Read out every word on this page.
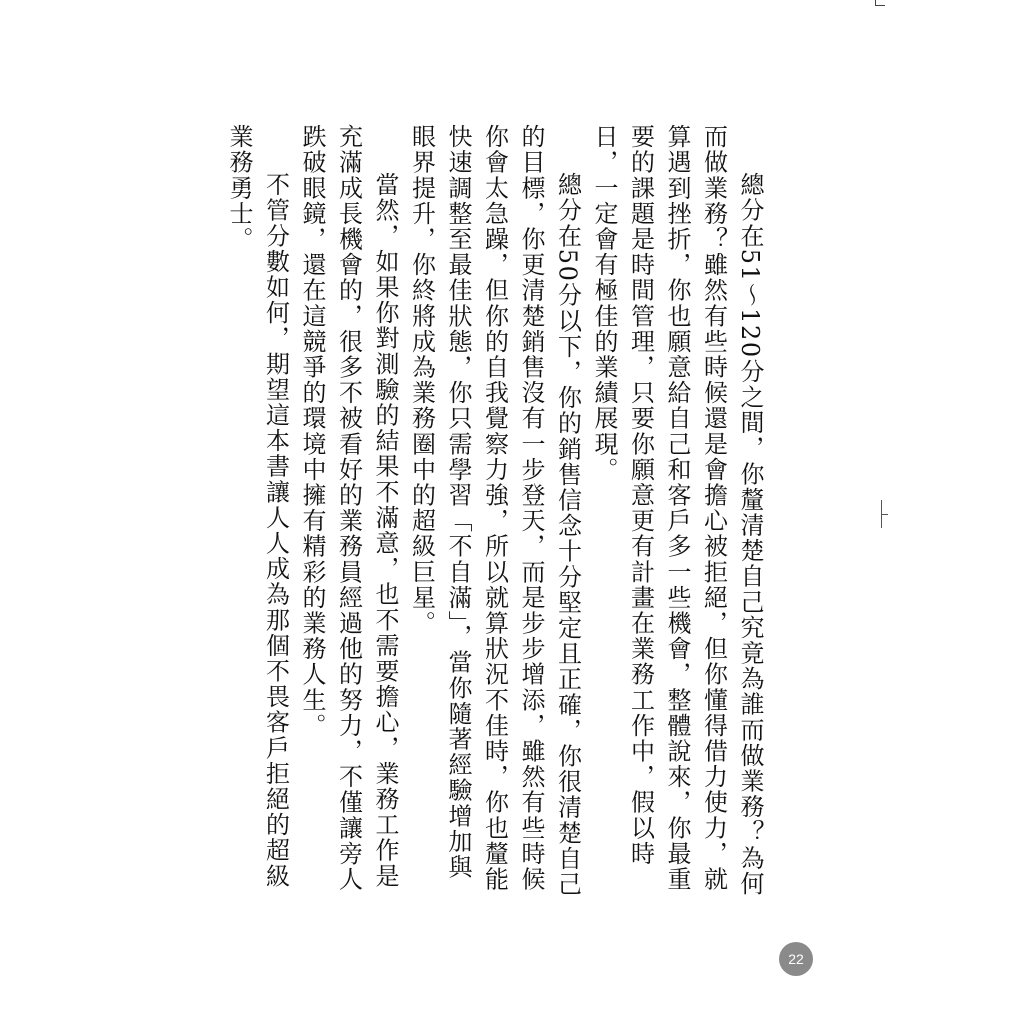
總分在51～120分之間，你釐清楚自己究竟為誰而做業務？為何而做業務？雖然有些時候還是會擔心被拒絕，但你懂得借力使力，就算遇到挫折，你也願意給自己和客戶多一些機會，整體說來，你最重要的課題是時間管理，只要你願意更有計畫在業務工作中，假以時日，一定會有極佳的業績展現。

總分在50分以下，你的銷售信念十分堅定且正確，你很清楚自己的目標，你更清楚銷售沒有一步登天，而是步步增添，雖然有些時候你會太急躁，但你的自我覺察力強，所以就算狀況不佳時，你也釐能快速調整至最佳狀態，你只需學習「不自滿」，當你隨著經驗增加與眼界提升，你終將成為業務圈中的超級巨星。

當然，如果你對測驗的結果不滿意，也不需要擔心，業務工作是充滿成長機會的，很多不被看好的業務員經過他的努力，不僅讓旁人跌破眼鏡，還在這競爭的環境中擁有精彩的業務人生。

不管分數如何，期望這本書讓人人成為那個不畏客戶拒絕的超級業務勇士。

22
